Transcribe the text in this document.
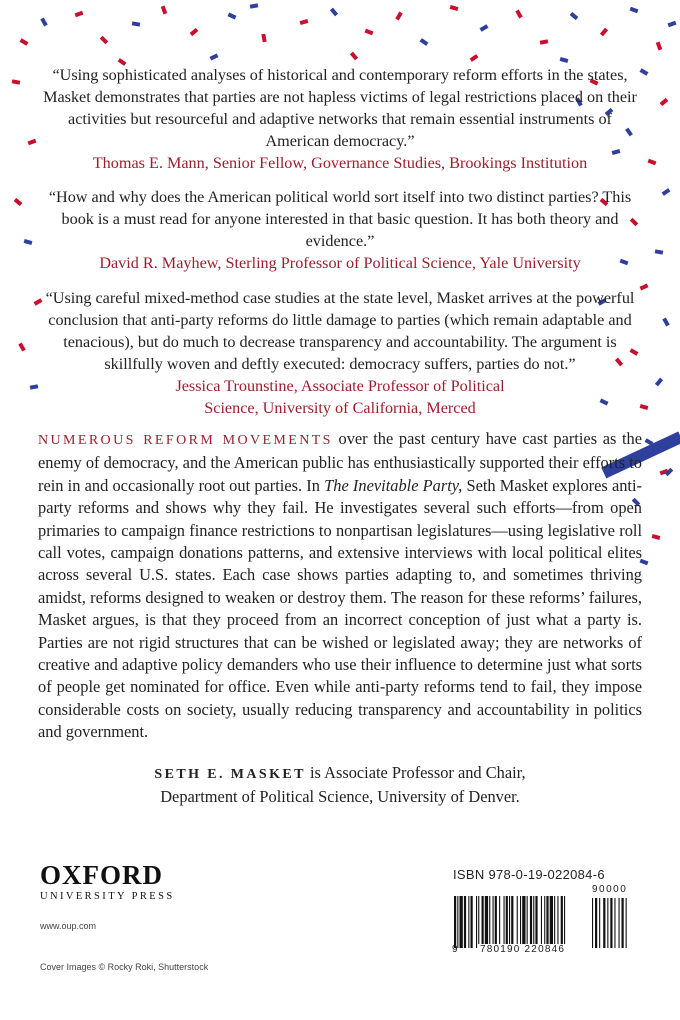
“Using sophisticated analyses of historical and contemporary reform efforts in the states, Masket demonstrates that parties are not hapless victims of legal restrictions placed on their activities but resourceful and adaptive networks that remain essential instruments of American democracy.”

Thomas E. Mann, Senior Fellow, Governance Studies, Brookings Institution

“How and why does the American political world sort itself into two distinct parties? This book is a must read for anyone interested in that basic question. It has both theory and evidence.”

David R. Mayhew, Sterling Professor of Political Science, Yale University

“Using careful mixed-method case studies at the state level, Masket arrives at the powerful conclusion that anti-party reforms do little damage to parties (which remain adaptable and tenacious), but do much to decrease transparency and accountability. The argument is skillfully woven and deftly executed: democracy suffers, parties do not.”

Jessica Trounstine, Associate Professor of Political

Science, University of California, Merced

NUMEROUS REFORM MOVEMENTS over the past century have cast parties as the enemy of democracy, and the American public has enthusiastically supported their efforts to rein in and occasionally root out parties. In The Inevitable Party, Seth Masket explores anti-party reforms and shows why they fail. He investigates several such efforts—from open primaries to campaign finance restrictions to nonpartisan legislatures—using legislative roll call votes, campaign donations patterns, and extensive interviews with local political elites across several U.S. states. Each case shows parties adapting to, and sometimes thriving amidst, reforms designed to weaken or destroy them. The reason for these reforms’ failures, Masket argues, is that they proceed from an incorrect conception of just what a party is. Parties are not rigid structures that can be wished or legislated away; they are networks of creative and adaptive policy demanders who use their influence to determine just what sorts of people get nominated for office. Even while anti-party reforms tend to fail, they impose considerable costs on society, usually reducing transparency and accountability in politics and government.
SETH E. MASKET is Associate Professor and Chair,
Department of Political Science, University of Denver.
OXFORD
UNIVERSITY PRESS
www.oup.com
Cover Images © Rocky Roki, Shutterstock
ISBN 978-0-19-022084-6
90000
9 780190 220846
